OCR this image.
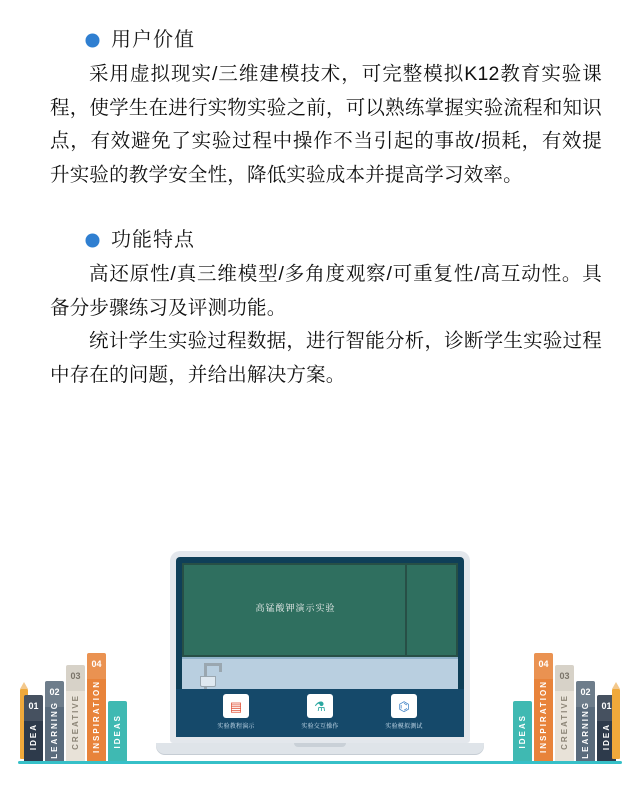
用户价值

采用虚拟现实/三维建模技术，可完整模拟K12教育实验课程，使学生在进行实物实验之前，可以熟练掌握实验流程和知识点，有效避免了实验过程中操作不当引起的事故/损耗，有效提升实验的教学安全性，降低实验成本并提高学习效率。

功能特点

高还原性/真三维模型/多角度观察/可重复性/高互动性。具备分步骤练习及评测功能。

统计学生实验过程数据，进行智能分析，诊断学生实验过程中存在的问题，并给出解决方案。

01
IDEA
02
LEARNING
03
CREATIVE
04
INSPIRATION IDEAS
高锰酸钾演示实验
▤
实验教程演示
⚗
实验交互操作
⌬
实验模拟测试	IDEAS
04
INSPIRATION
03
CREATIVE
02
LEARNING 01
IDEA
